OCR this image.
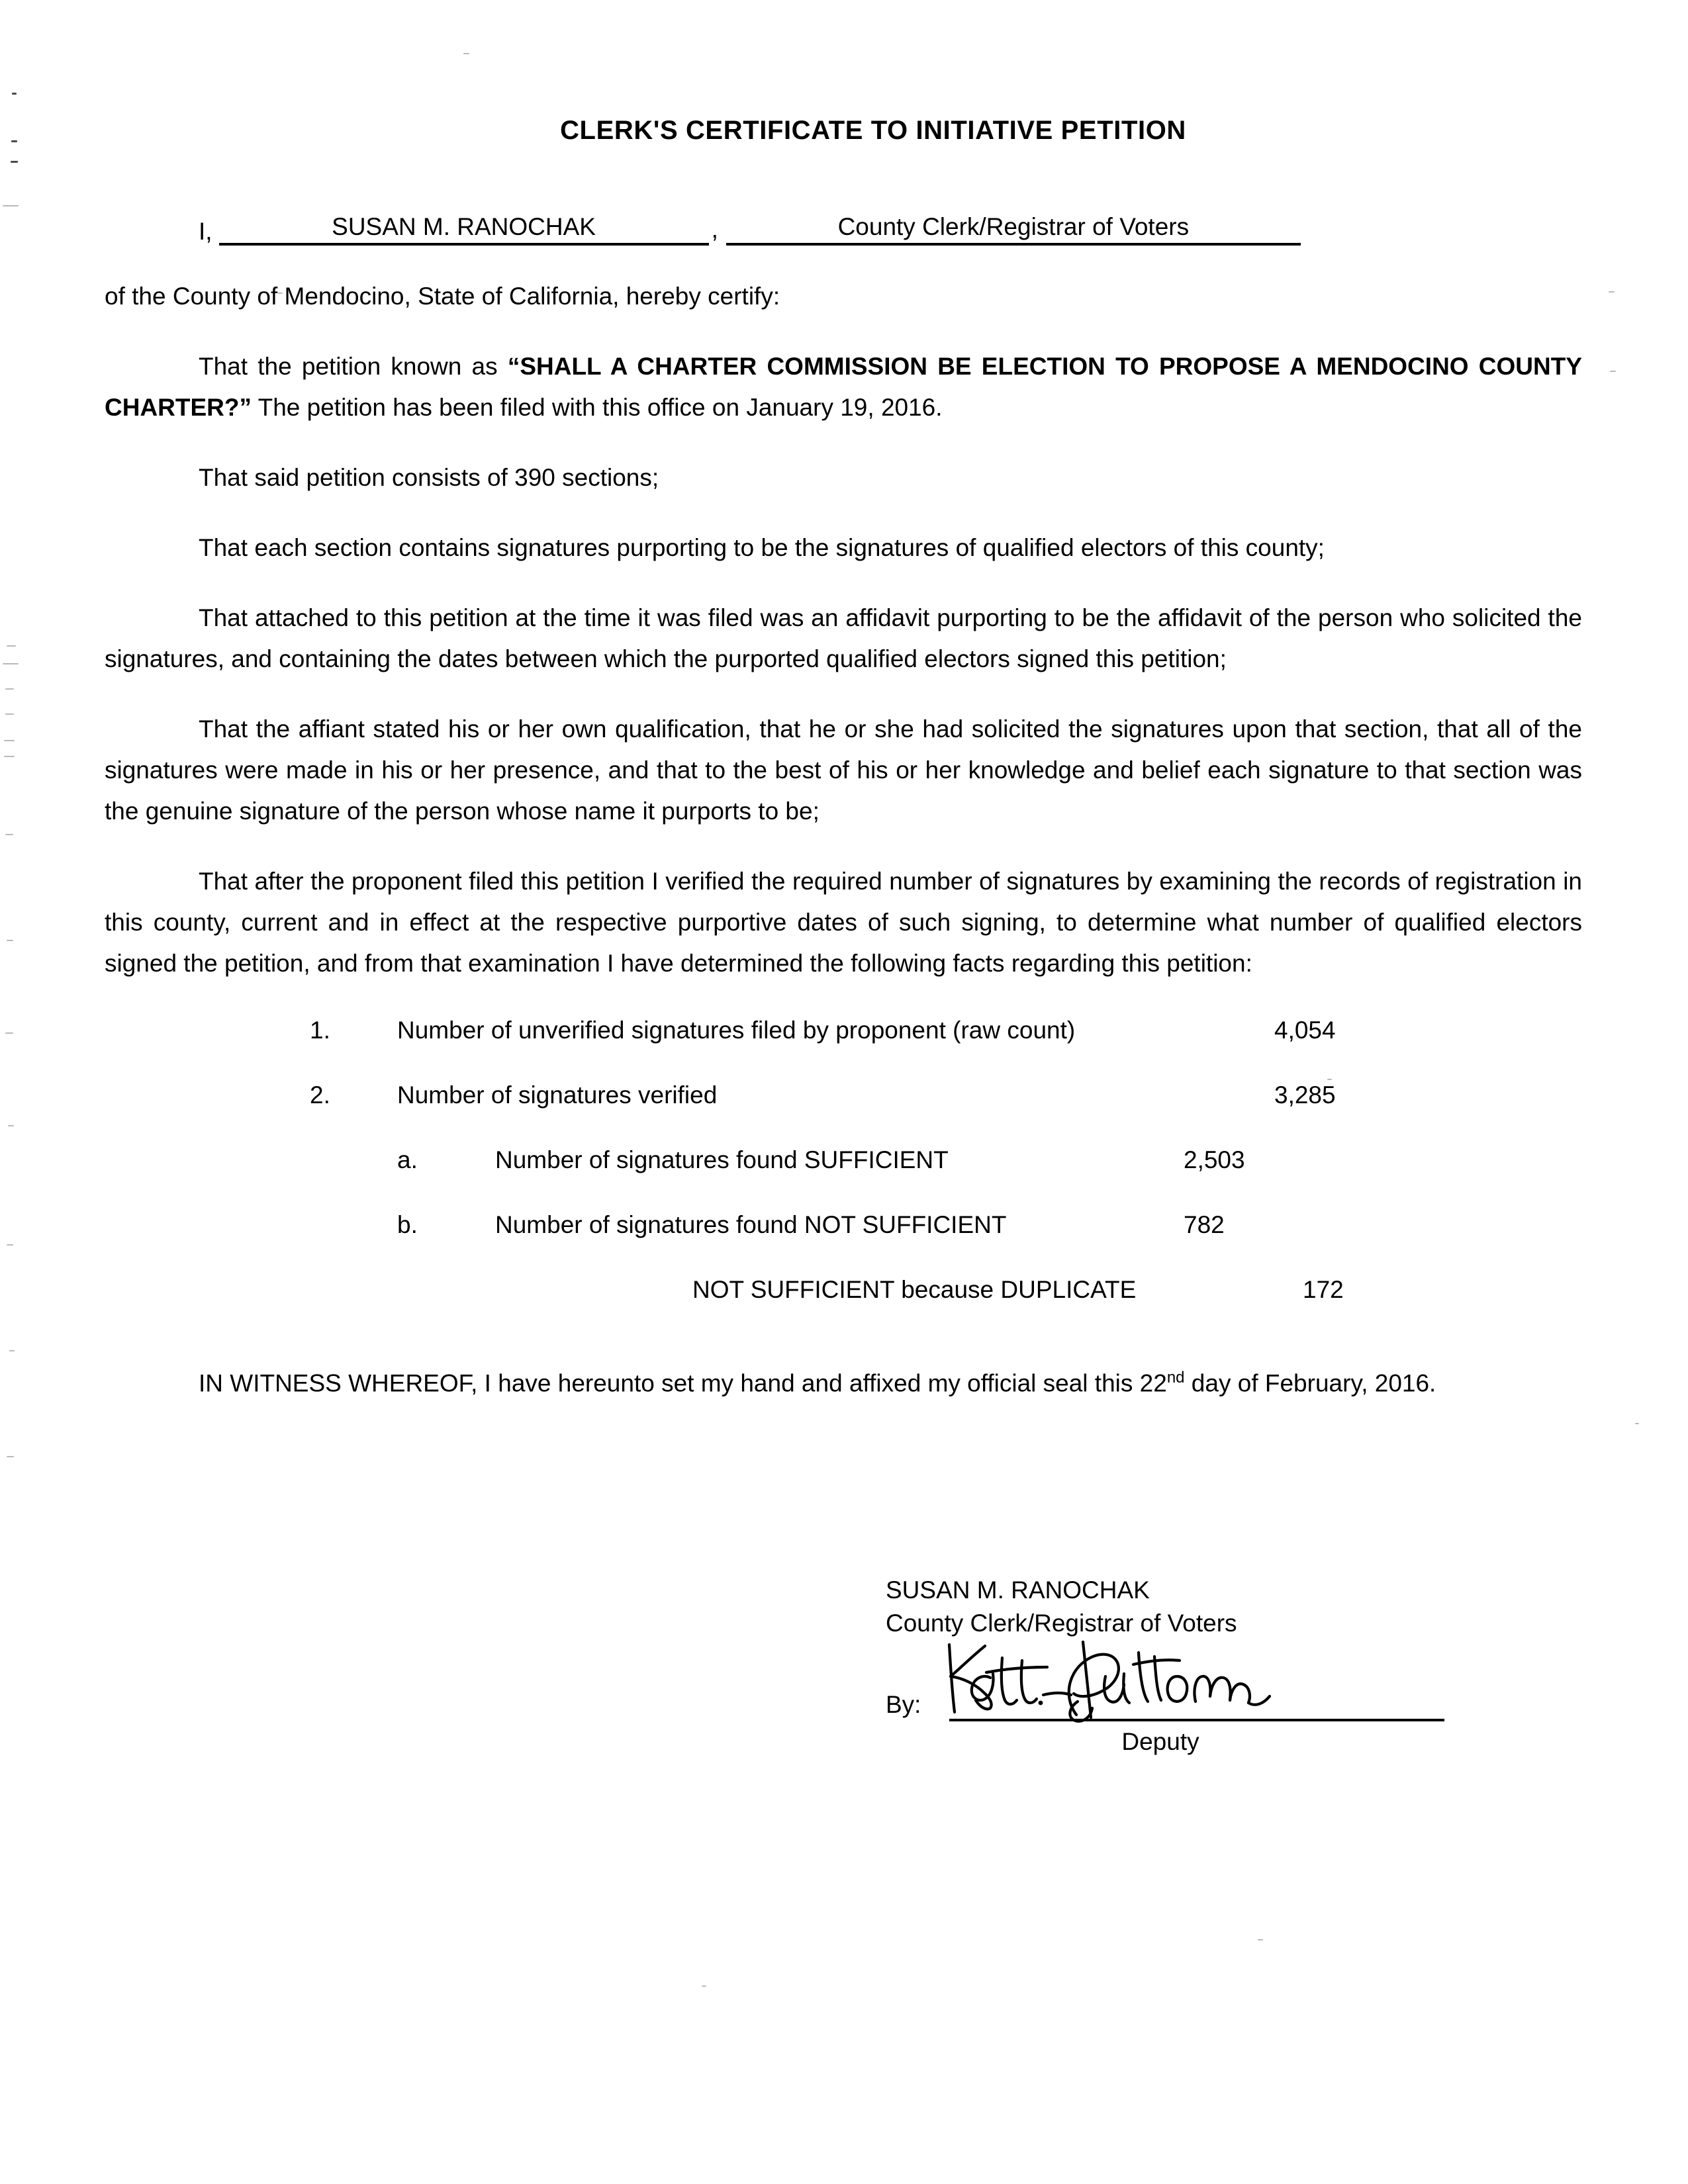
CLERK'S CERTIFICATE TO INITIATIVE PETITION
I,	SUSAN M. RANOCHAK	,	County Clerk/Registrar of Voters

of the County of Mendocino, State of California, hereby certify:

That the petition known as “SHALL A CHARTER COMMISSION BE ELECTION TO PROPOSE A MENDOCINO COUNTY CHARTER?” The petition has been filed with this office on January 19, 2016.

That said petition consists of 390 sections;

That each section contains signatures purporting to be the signatures of qualified electors of this county;

That attached to this petition at the time it was filed was an affidavit purporting to be the affidavit of the person who solicited the signatures, and containing the dates between which the purported qualified electors signed this petition;

That the affiant stated his or her own qualification, that he or she had solicited the signatures upon that section, that all of the signatures were made in his or her presence, and that to the best of his or her knowledge and belief each signature to that section was the genuine signature of the person whose name it purports to be;

That after the proponent filed this petition I verified the required number of signatures by examining the records of registration in this county, current and in effect at the respective purportive dates of such signing, to determine what number of qualified electors signed the petition, and from that examination I have determined the following facts regarding this petition:

1.	Number of unverified signatures filed by proponent (raw count)	4,054
2.	Number of signatures verified	3,285
a.	Number of signatures found SUFFICIENT	2,503
b.	Number of signatures found NOT SUFFICIENT	782
NOT SUFFICIENT because DUPLICATE	172

IN WITNESS WHEREOF, I have hereunto set my hand and affixed my official seal this 22nd day of February, 2016.

SUSAN M. RANOCHAK
County Clerk/Registrar of Voters
By:
Deputy
